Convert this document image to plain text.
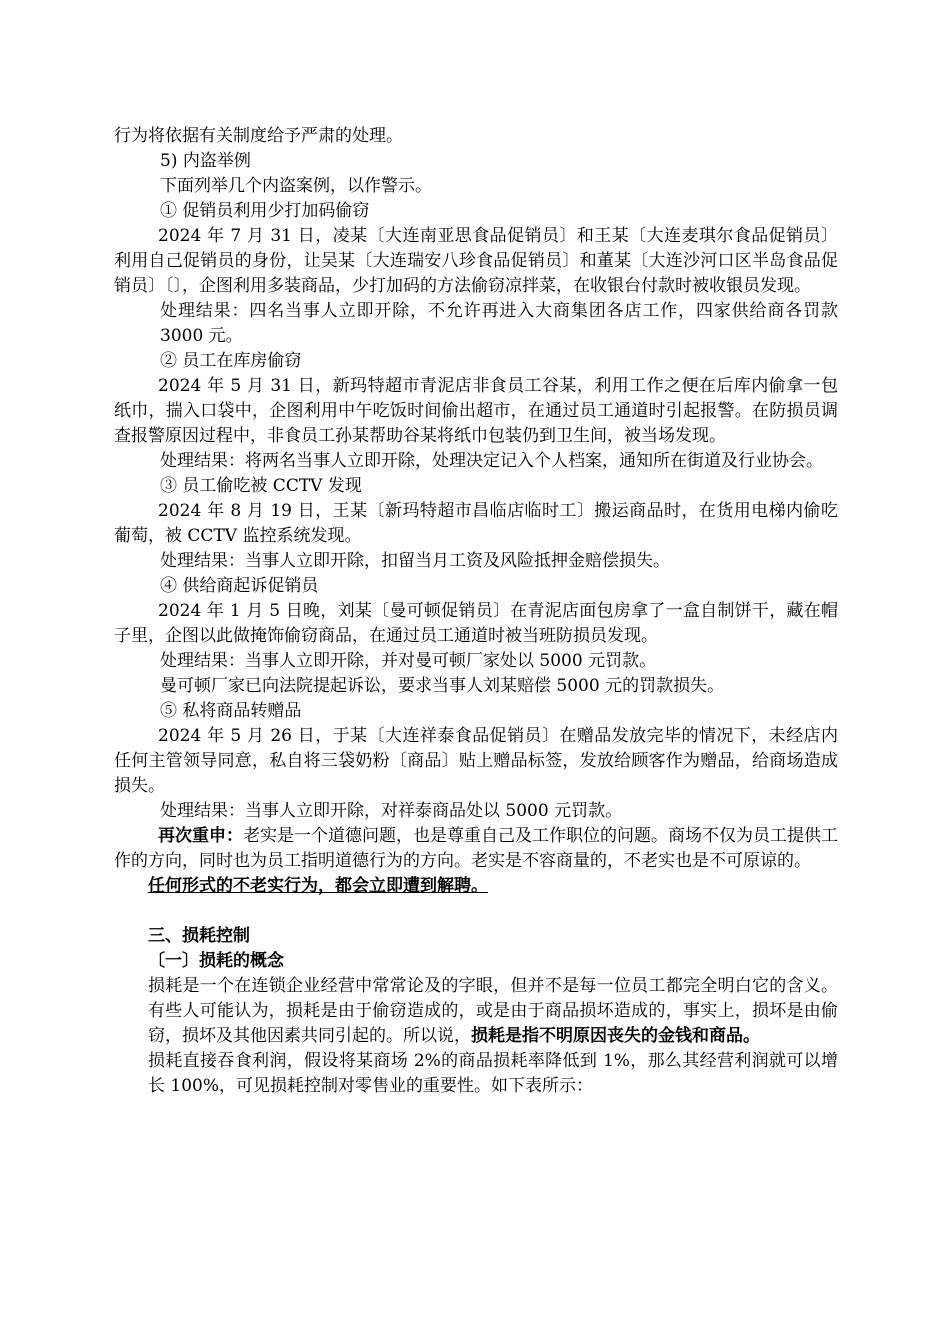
行为将依据有关制度给予严肃的处理。

5) 内盗举例

下面列举几个内盗案例，以作警示。

① 促销员利用少打加码偷窃

2024 年 7 月 31 日，凌某〔大连南亚思食品促销员〕和王某〔大连麦琪尔食品促销员〕利用自己促销员的身份，让吴某〔大连瑞安八珍食品促销员〕和董某〔大连沙河口区半岛食品促销员〕〔〕，企图利用多装商品，少打加码的方法偷窃凉拌菜，在收银台付款时被收银员发现。

处理结果：四名当事人立即开除，不允许再进入大商集团各店工作，四家供给商各罚款 3000 元。

② 员工在库房偷窃

2024 年 5 月 31 日，新玛特超市青泥店非食员工谷某，利用工作之便在后库内偷拿一包纸巾，揣入口袋中，企图利用中午吃饭时间偷出超市，在通过员工通道时引起报警。在防损员调查报警原因过程中，非食员工孙某帮助谷某将纸巾包装仍到卫生间，被当场发现。

处理结果：将两名当事人立即开除，处理决定记入个人档案，通知所在街道及行业协会。

③ 员工偷吃被 CCTV 发现

2024 年 8 月 19 日，王某〔新玛特超市昌临店临时工〕搬运商品时，在货用电梯内偷吃葡萄，被 CCTV 监控系统发现。

处理结果：当事人立即开除，扣留当月工资及风险抵押金赔偿损失。

④ 供给商起诉促销员

2024 年 1 月 5 日晚，刘某〔曼可顿促销员〕在青泥店面包房拿了一盒自制饼干，藏在帽子里，企图以此做掩饰偷窃商品，在通过员工通道时被当班防损员发现。

处理结果：当事人立即开除，并对曼可顿厂家处以 5000 元罚款。

曼可顿厂家已向法院提起诉讼，要求当事人刘某赔偿 5000 元的罚款损失。

⑤ 私将商品转赠品

2024 年 5 月 26 日，于某〔大连祥泰食品促销员〕在赠品发放完毕的情况下，未经店内任何主管领导同意，私自将三袋奶粉〔商品〕贴上赠品标签，发放给顾客作为赠品，给商场造成损失。

处理结果：当事人立即开除，对祥泰商品处以 5000 元罚款。

再次重申：老实是一个道德问题，也是尊重自己及工作职位的问题。商场不仅为员工提供工作的方向，同时也为员工指明道德行为的方向。老实是不容商量的，不老实也是不可原谅的。

任何形式的不老实行为，都会立即遭到解聘。

三、损耗控制

〔一〕损耗的概念

损耗是一个在连锁企业经营中常常论及的字眼，但并不是每一位员工都完全明白它的含义。有些人可能认为，损耗是由于偷窃造成的，或是由于商品损坏造成的，事实上，损坏是由偷窃，损坏及其他因素共同引起的。所以说，损耗是指不明原因丧失的金钱和商品。

损耗直接吞食利润，假设将某商场 2%的商品损耗率降低到 1%，那么其经营利润就可以增长 100%，可见损耗控制对零售业的重要性。如下表所示：
